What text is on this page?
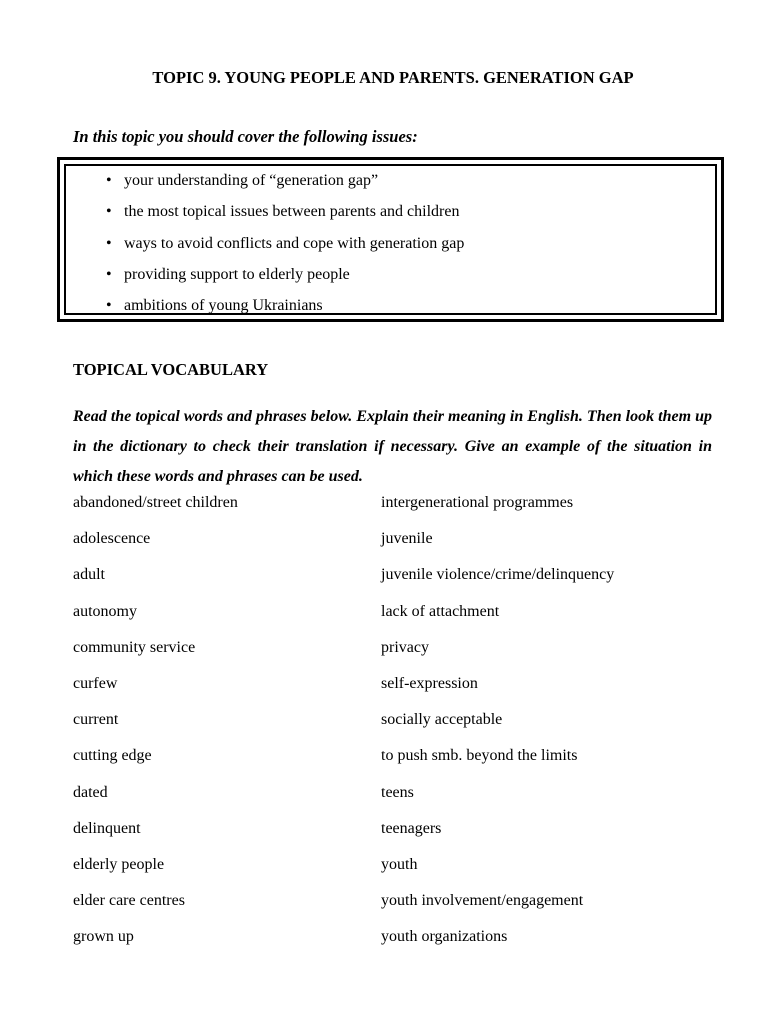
TOPIC 9. YOUNG PEOPLE AND PARENTS. GENERATION GAP
In this topic you should cover the following issues:
• your understanding of “generation gap”
• the most topical issues between parents and children
• ways to avoid conflicts and cope with generation gap
• providing support to elderly people
• ambitions of young Ukrainians
TOPICAL VOCABULARY
Read the topical words and phrases below. Explain their meaning in English. Then look them up in the dictionary to check their translation if necessary. Give an example of the situation in which these words and phrases can be used.
abandoned/street children
adolescence
adult
autonomy
community service
curfew
current
cutting edge
dated
delinquent
elderly people
elder care centres
grown up
intergenerational programmes
juvenile
juvenile violence/crime/delinquency
lack of attachment
privacy
self-expression
socially acceptable
to push smb. beyond the limits
teens
teenagers
youth
youth involvement/engagement
youth organizations
